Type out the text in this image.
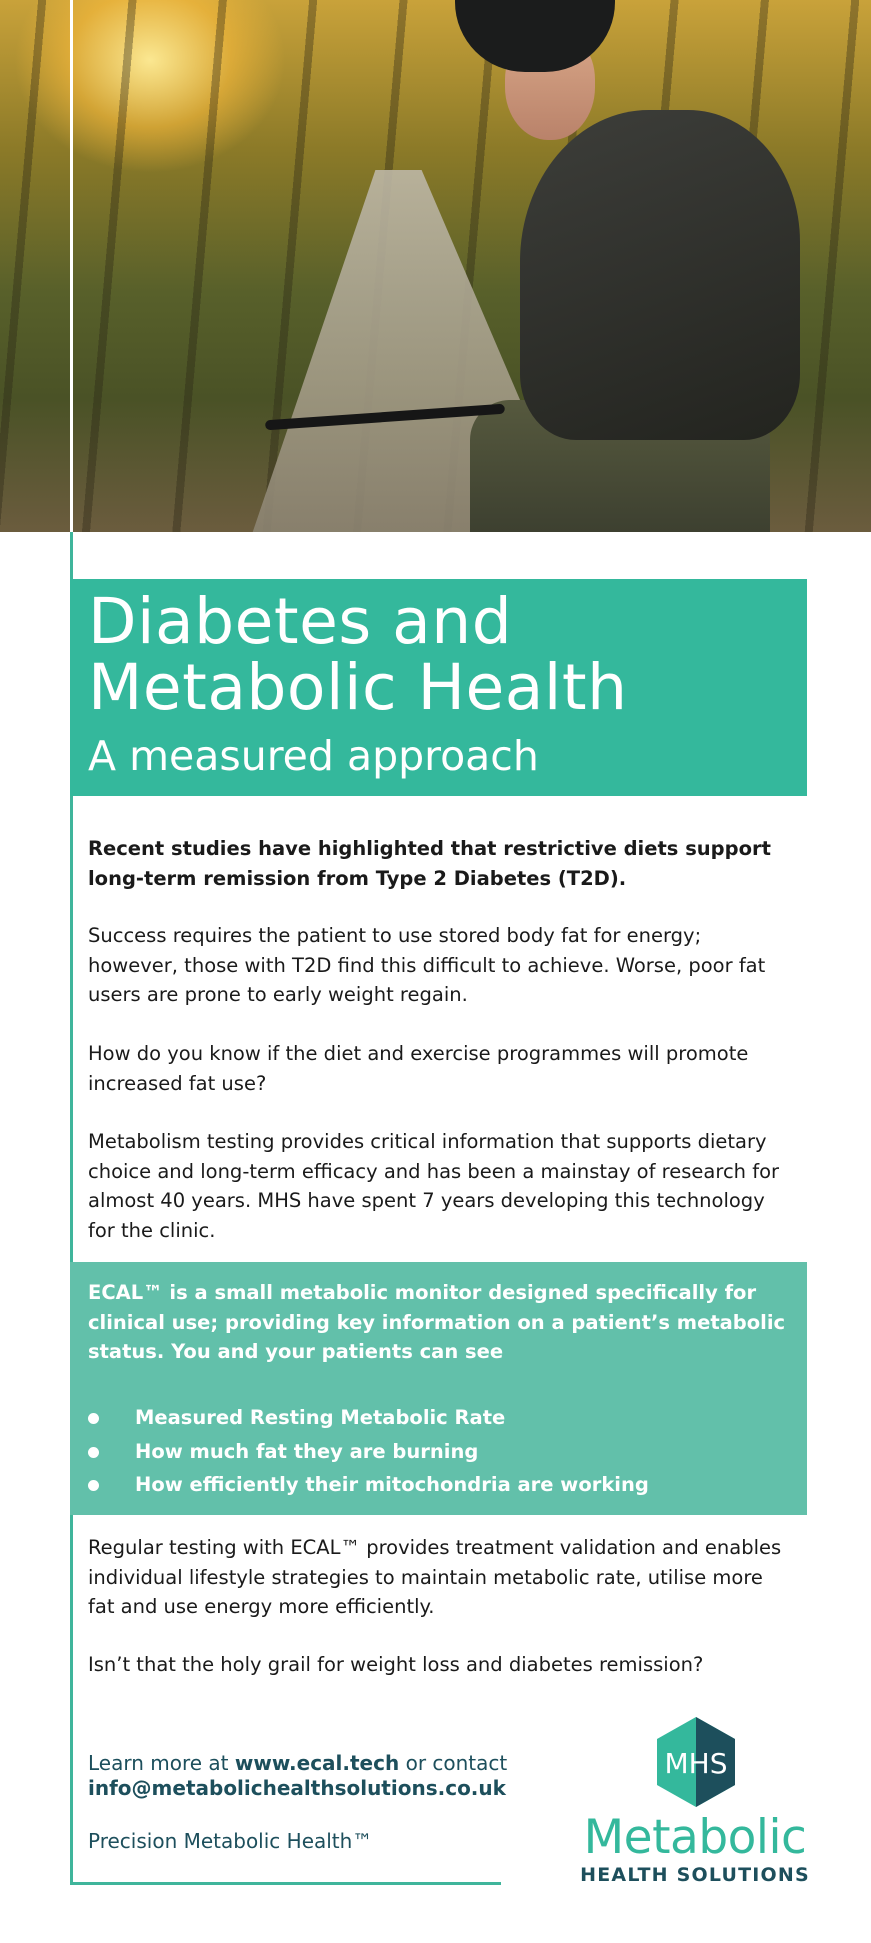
Diabetes and Metabolic Health
A measured approach
Recent studies have highlighted that restrictive diets support long-term remission from Type 2 Diabetes (T2D).
Success requires the patient to use stored body fat for energy; however, those with T2D find this difficult to achieve. Worse, poor fat users are prone to early weight regain.
How do you know if the diet and exercise programmes will promote increased fat use?
Metabolism testing provides critical information that supports dietary choice and long-term efficacy and has been a mainstay of research for almost 40 years. MHS have spent 7 years developing this technology for the clinic.
ECAL™ is a small metabolic monitor designed specifically for clinical use; providing key information on a patient’s metabolic status. You and your patients can see
Measured Resting Metabolic Rate
How much fat they are burning
How efficiently their mitochondria are working
Regular testing with ECAL™ provides treatment validation and enables individual lifestyle strategies to maintain metabolic rate, utilise more fat and use energy more efficiently.
Isn’t that the holy grail for weight loss and diabetes remission?
Learn more at www.ecal.tech or contact
info@metabolichealthsolutions.co.uk
Precision Metabolic Health™
MHS
Metabolic
HEALTH SOLUTIONS
